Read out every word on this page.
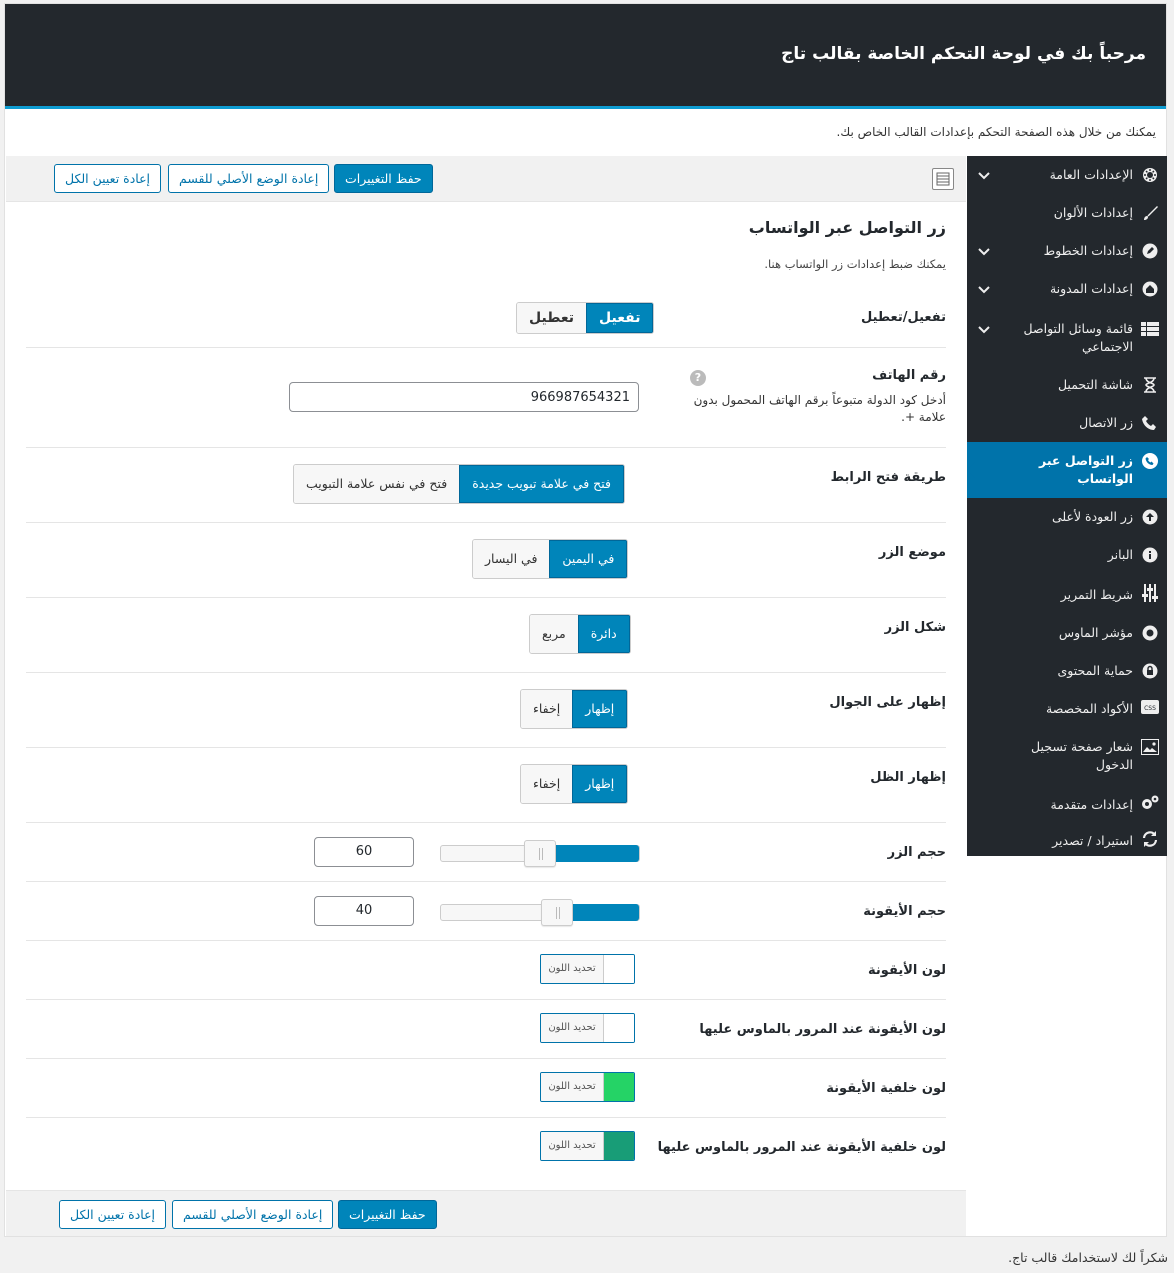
مرحباً بك في لوحة التحكم الخاصة بقالب تاج
يمكنك من خلال هذه الصفحة التحكم بإعدادات القالب الخاص بك.
الإعدادات العامة
إعدادات الألوان
إعدادات الخطوط
إعدادات المدونة
قائمة وسائل التواصل الاجتماعي
شاشة التحميل
زر الاتصال
زر التواصل عبر الواتساب
زر العودة لأعلى
البانر
شريط التمرير
مؤشر الماوس
حماية المحتوى
CSS
الأكواد المخصصة
شعار صفحة تسجيل الدخول
إعدادات متقدمة
استيراد / تصدير
حفظ التغييرات
إعادة الوضع الأصلي للقسم
إعادة تعيين الكل
زر التواصل عبر الواتساب
يمكنك ضبط إعدادات زر الواتساب هنا.
تفعيل/تعطيل
تفعيل
تعطيل
رقم الهاتف
أدخل كود الدولة متبوعاً برقم الهاتف المحمول بدون علامة +.
?
966987654321
طريقة فتح الرابط
فتح في علامة تبويب جديدة
فتح في نفس علامة التبويب
موضع الزر
في اليمين
في اليسار
شكل الزر
دائرة
مربع
إظهار على الجوال
إظهار
إخفاء
إظهار الظل
إظهار
إخفاء
حجم الزر
60
حجم الأيقونة
40
لون الأيقونة
تحديد اللون
لون الأيقونة عند المرور بالماوس عليها
تحديد اللون
لون خلفية الأيقونة
تحديد اللون
لون خلفية الأيقونة عند المرور بالماوس عليها
تحديد اللون
حفظ التغييرات
إعادة الوضع الأصلي للقسم
إعادة تعيين الكل
شكراً لك لاستخدامك قالب تاج.
